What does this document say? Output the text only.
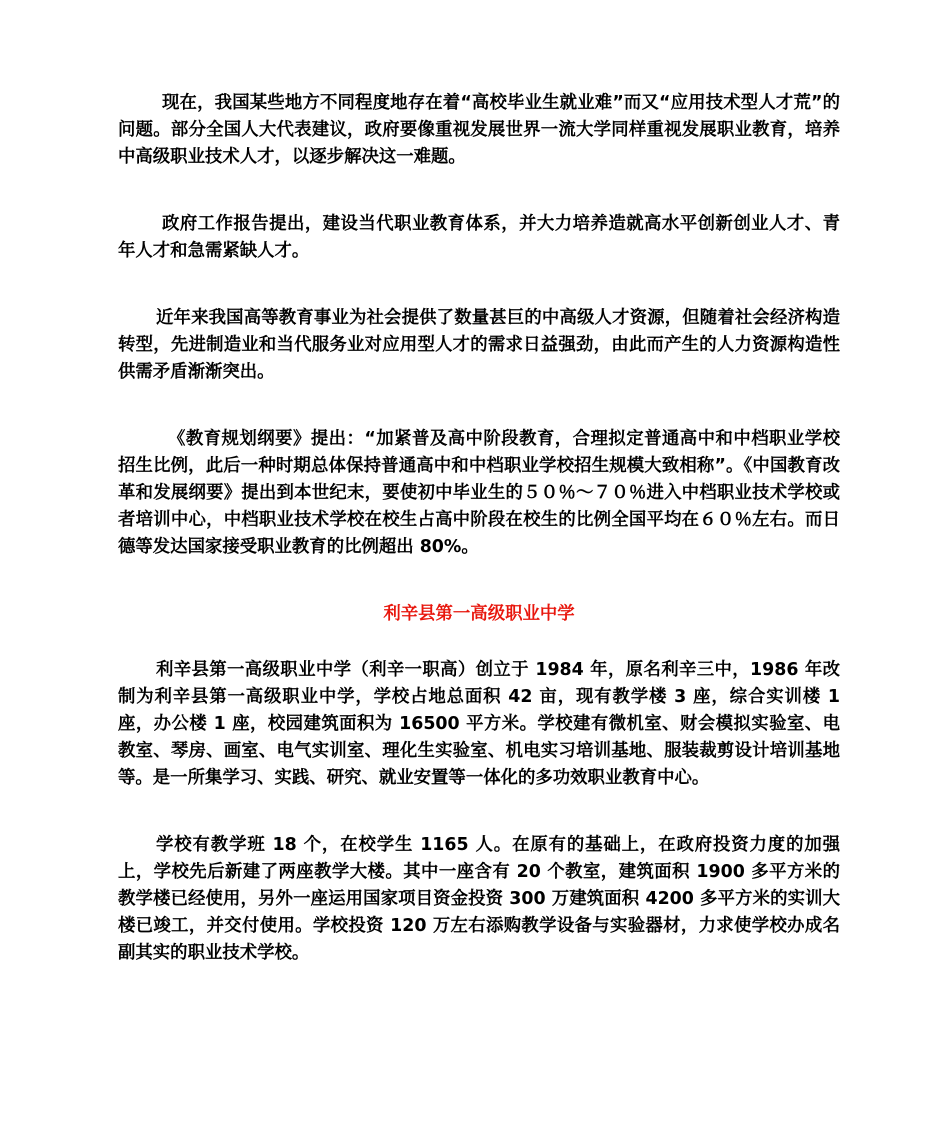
现在，我国某些地方不同程度地存在着“高校毕业生就业难”而又“应用技术型人才荒”的问题。部分全国人大代表建议，政府要像重视发展世界一流大学同样重视发展职业教育，培养中高级职业技术人才，以逐步解决这一难题。

政府工作报告提出，建设当代职业教育体系，并大力培养造就高水平创新创业人才、青年人才和急需紧缺人才。

近年来我国高等教育事业为社会提供了数量甚巨的中高级人才资源，但随着社会经济构造转型，先进制造业和当代服务业对应用型人才的需求日益强劲，由此而产生的人力资源构造性供需矛盾渐渐突出。

《教育规划纲要》提出：“加紧普及高中阶段教育，合理拟定普通高中和中档职业学校招生比例，此后一种时期总体保持普通高中和中档职业学校招生规模大致相称”。《中国教育改革和发展纲要》提出到本世纪末，要使初中毕业生的５０％～７０％进入中档职业技术学校或者培训中心，中档职业技术学校在校生占高中阶段在校生的比例全国平均在６０％左右。而日德等发达国家接受职业教育的比例超出 80%。

利辛县第一高级职业中学

利辛县第一高级职业中学（利辛一职高）创立于 1984 年，原名利辛三中，1986 年改制为利辛县第一高级职业中学，学校占地总面积 42 亩，现有教学楼 3 座，综合实训楼 1 座，办公楼 1 座，校园建筑面积为 16500 平方米。学校建有微机室、财会模拟实验室、电教室、琴房、画室、电气实训室、理化生实验室、机电实习培训基地、服装裁剪设计培训基地等。是一所集学习、实践、研究、就业安置等一体化的多功效职业教育中心。

学校有教学班 18 个，在校学生 1165 人。在原有的基础上，在政府投资力度的加强上，学校先后新建了两座教学大楼。其中一座含有 20 个教室，建筑面积 1900 多平方米的教学楼已经使用，另外一座运用国家项目资金投资 300 万建筑面积 4200 多平方米的实训大楼已竣工，并交付使用。学校投资 120 万左右添购教学设备与实验器材，力求使学校办成名副其实的职业技术学校。
